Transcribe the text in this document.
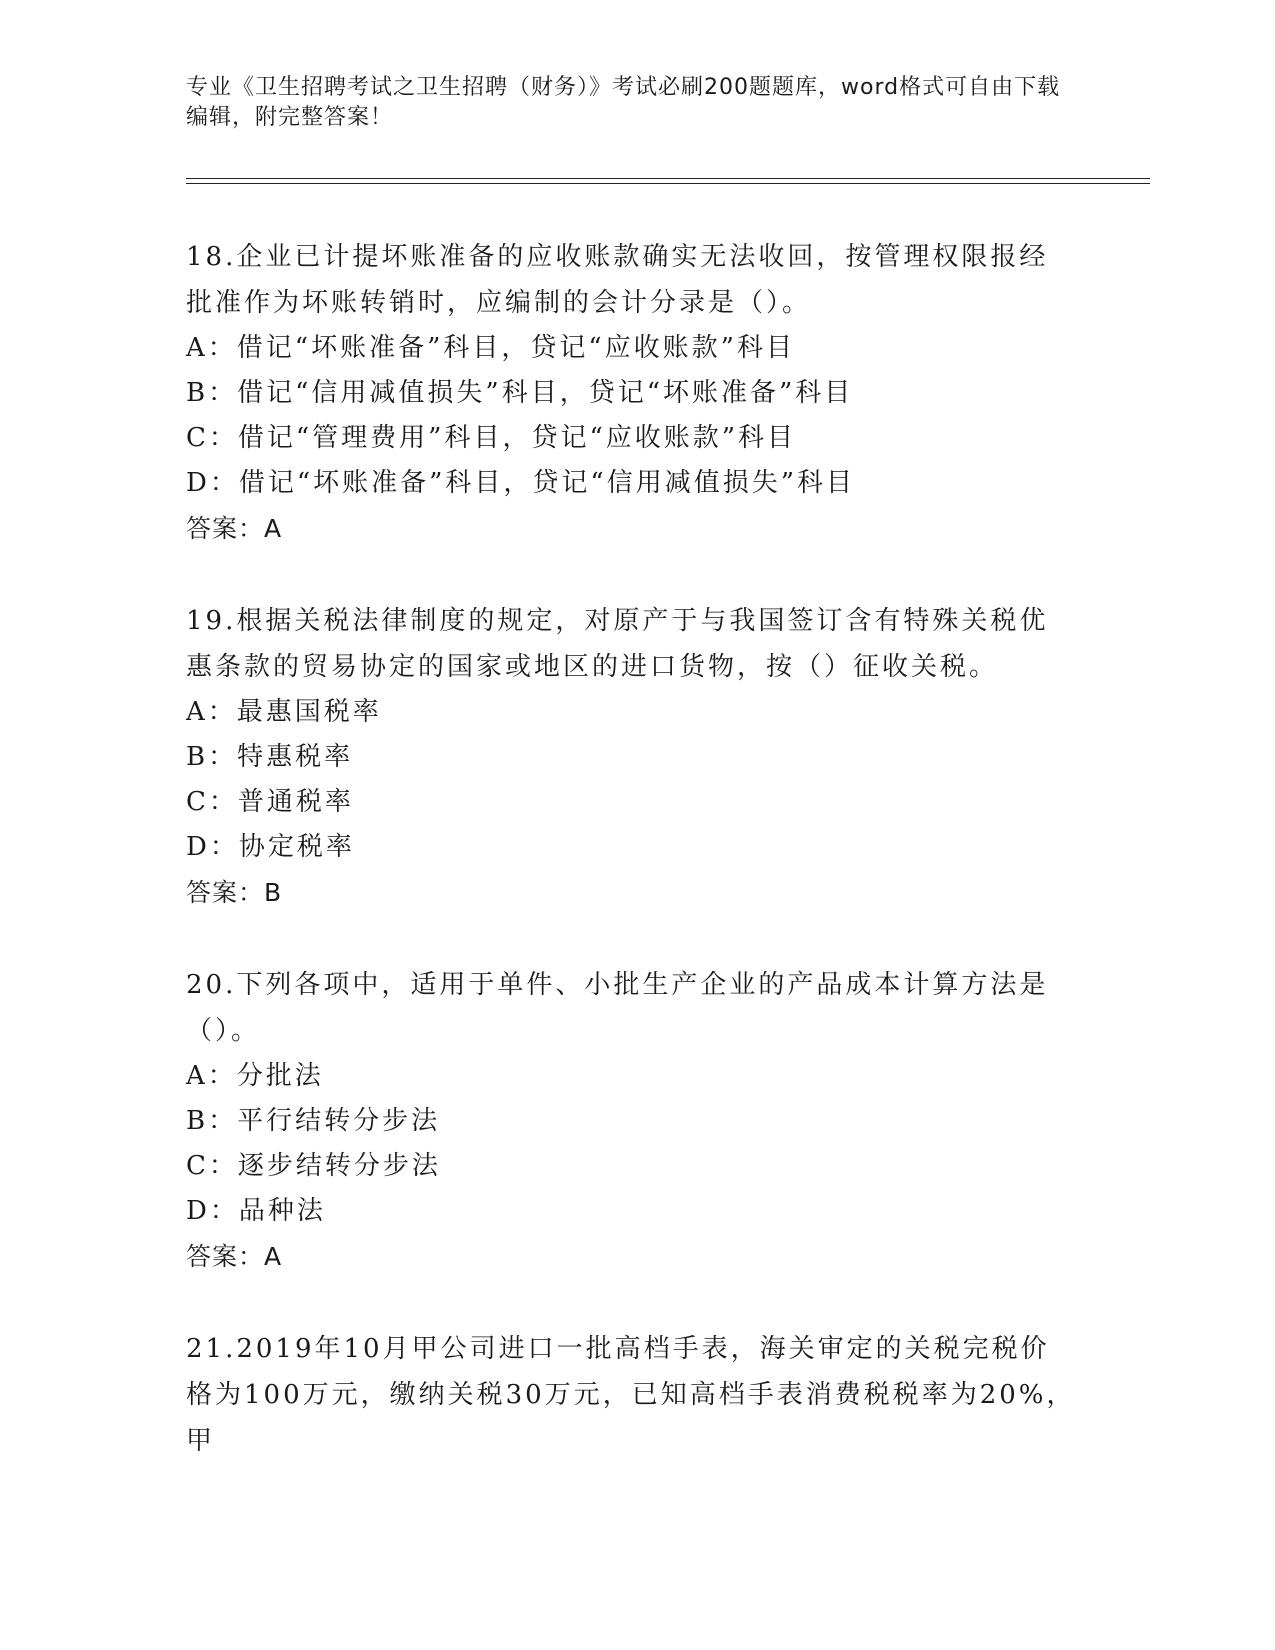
专业《卫生招聘考试之卫生招聘（财务）》考试必刷200题题库，word格式可自由下载编辑，附完整答案！

18.企业已计提坏账准备的应收账款确实无法收回，按管理权限报经批准作为坏账转销时，应编制的会计分录是（）。

A：借记“坏账准备”科目，贷记“应收账款”科目

B：借记“信用减值损失”科目，贷记“坏账准备”科目

C：借记“管理费用”科目，贷记“应收账款”科目

D：借记“坏账准备”科目，贷记“信用减值损失”科目

答案：A

19.根据关税法律制度的规定，对原产于与我国签订含有特殊关税优惠条款的贸易协定的国家或地区的进口货物，按（）征收关税。

A：最惠国税率

B：特惠税率

C：普通税率

D：协定税率

答案：B

20.下列各项中，适用于单件、小批生产企业的产品成本计算方法是（）。

A：分批法

B：平行结转分步法

C：逐步结转分步法

D：品种法

答案：A

21.2019年10月甲公司进口一批高档手表，海关审定的关税完税价格为100万元，缴纳关税30万元，已知高档手表消费税税率为20%，甲
